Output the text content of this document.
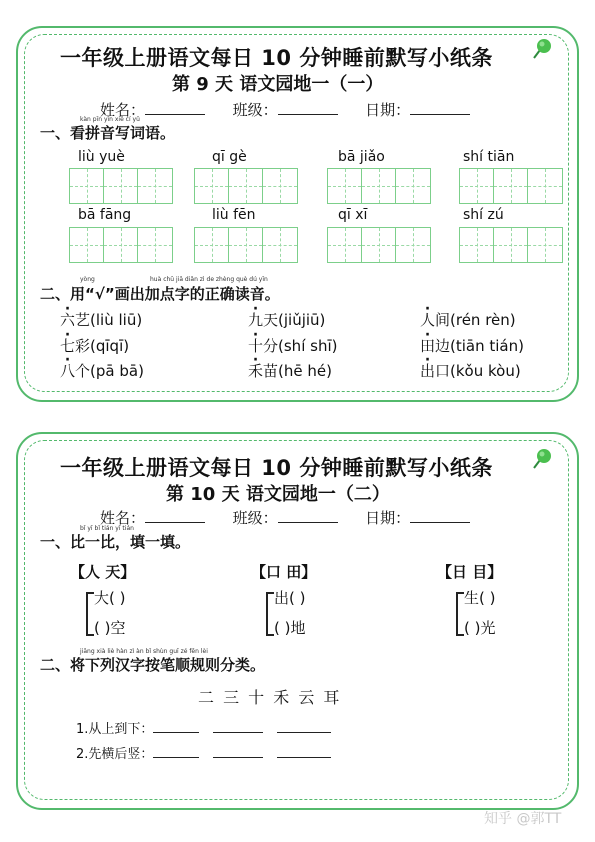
一年级上册语文每日 10 分钟睡前默写小纸条
第 9 天 语文园地一（一）
姓名：	班级：	日期：
kàn pīn yīn xiě cí yǔ
一、看拼音写词语。
liù yuè	qī gè	bā jiǎo	shí tiān
bā fāng	liù fēn	qī xī	shí zú
yòng	huà chū jiā diǎn zì de zhèng què dú yīn
二、用“√”画出加点字的正确读音。
六艺(liù liū)	九天(jiǔjiū)	人间(rén rèn)
七彩(qīqī)	十分(shí shī)	田边(tiān tián)
八个(pā bā)	禾苗(hē hé)	出口(kǒu kòu)
一年级上册语文每日 10 分钟睡前默写小纸条
第 10 天 语文园地一（二）
姓名：	班级：	日期：
bǐ yī bǐ tián yī tián
一、比一比，填一填。
【人 天】
大( )
( )空
【口 田】
出( )
( )地
【日 目】
生( )
( )光
jiāng xià liè hàn zì àn bǐ shùn guī zé fēn lèi
二、将下列汉字按笔顺规则分类。
二 三 十 禾 云 耳
1.从上到下：
2.先横后竖：
知乎 @郭TT
